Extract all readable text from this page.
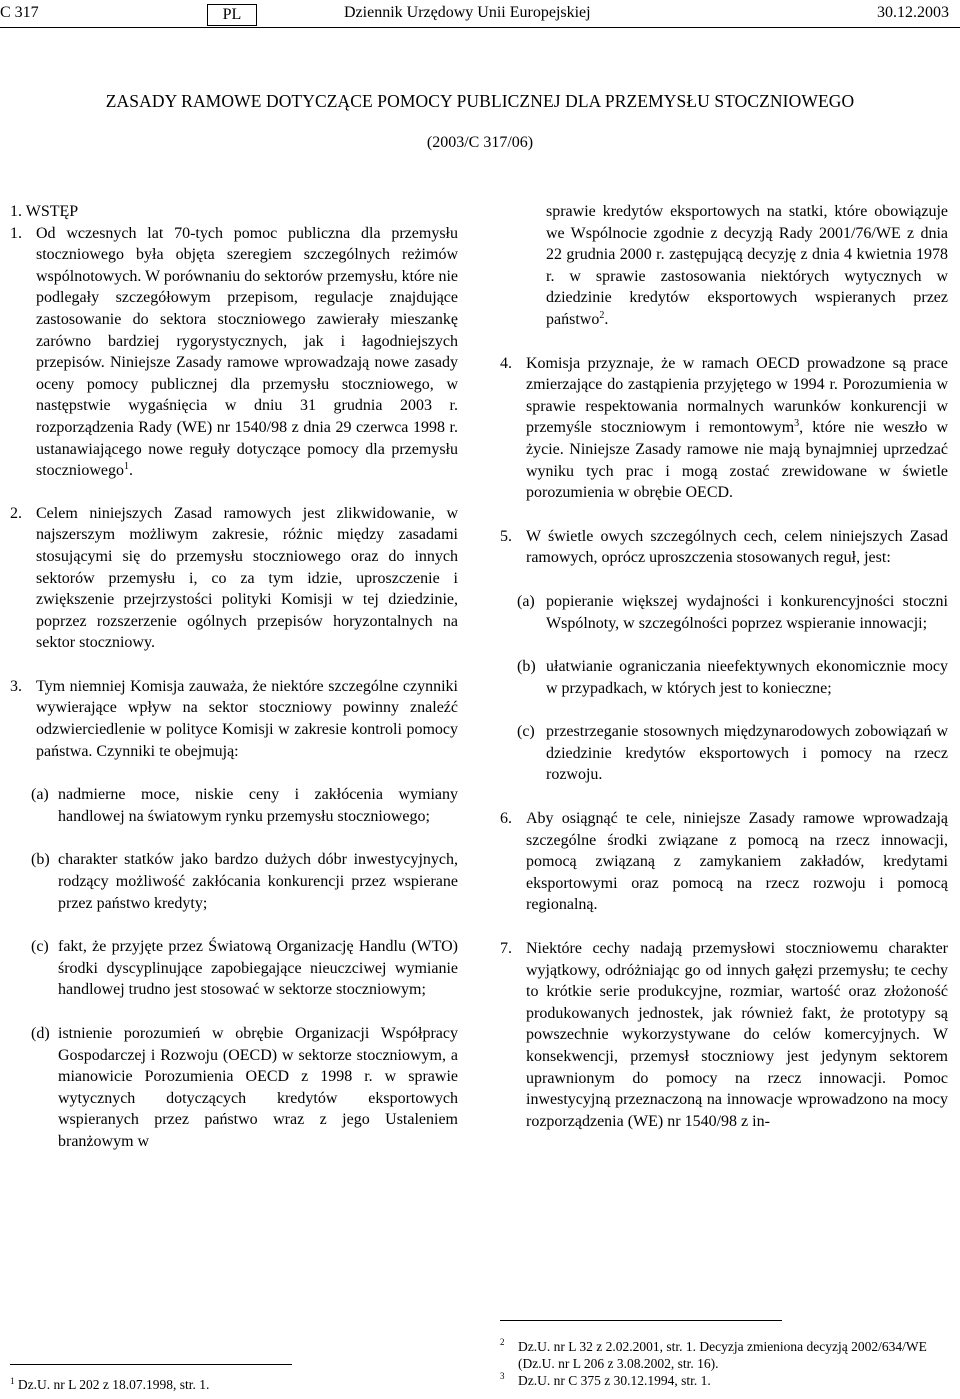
C 317	PL	Dziennik Urzędowy Unii Europejskiej	30.12.2003
ZASADY RAMOWE DOTYCZĄCE POMOCY PUBLICZNEJ DLA PRZEMYSŁU STOCZNIOWEGO
(2003/C 317/06)

1. WSTĘP

1. Od wczesnych lat 70-tych pomoc publiczna dla przemysłu stoczniowego była objęta szeregiem szczególnych reżimów wspólnotowych. W porównaniu do sektorów przemysłu, które nie podlegały szczegółowym przepisom, regulacje znajdujące zastosowanie do sektora stoczniowego zawierały mieszankę zarówno bardziej rygorystycznych, jak i łagodniejszych przepisów. Niniejsze Zasady ramowe wprowadzają nowe zasady oceny pomocy publicznej dla przemysłu stoczniowego, w następstwie wygaśnięcia w dniu 31 grudnia 2003 r. rozporządzenia Rady (WE) nr 1540/98 z dnia 29 czerwca 1998 r. ustanawiającego nowe reguły dotyczące pomocy dla przemysłu stoczniowego$^1$.

2. Celem niniejszych Zasad ramowych jest zlikwidowanie, w najszerszym możliwym zakresie, różnic między zasadami stosującymi się do przemysłu stoczniowego oraz do innych sektorów przemysłu i, co za tym idzie, uproszczenie i zwiększenie przejrzystości polityki Komisji w tej dziedzinie, poprzez rozszerzenie ogólnych przepisów horyzontalnych na sektor stoczniowy.

3. Tym niemniej Komisja zauważa, że niektóre szczególne czynniki wywierające wpływ na sektor stoczniowy powinny znaleźć odzwierciedlenie w polityce Komisji w zakresie kontroli pomocy państwa. Czynniki te obejmują:

(a) nadmierne moce, niskie ceny i zakłócenia wymiany handlowej na światowym rynku przemysłu stoczniowego;

(b) charakter statków jako bardzo dużych dóbr inwestycyjnych, rodzący możliwość zakłócania konkurencji przez wspierane przez państwo kredyty;

(c) fakt, że przyjęte przez Światową Organizację Handlu (WTO) środki dyscyplinujące zapobiegające nieuczciwej wymianie handlowej trudno jest stosować w sektorze stoczniowym;

(d) istnienie porozumień w obrębie Organizacji Współpracy Gospodarczej i Rozwoju (OECD) w sektorze stoczniowym, a mianowicie Porozumienia OECD z 1998 r. w sprawie wytycznych dotyczących kredytów eksportowych wspieranych przez państwo wraz z jego Ustaleniem branżowym w

sprawie kredytów eksportowych na statki, które obowiązuje we Wspólnocie zgodnie z decyzją Rady 2001/76/WE z dnia 22 grudnia 2000 r. zastępującą decyzję z dnia 4 kwietnia 1978 r. w sprawie zastosowania niektórych wytycznych w dziedzinie kredytów eksportowych wspieranych przez państwo$^2$.

4. Komisja przyznaje, że w ramach OECD prowadzone są prace zmierzające do zastąpienia przyjętego w 1994 r. Porozumienia w sprawie respektowania normalnych warunków konkurencji w przemyśle stoczniowym i remontowym$^3$, które nie weszło w życie. Niniejsze Zasady ramowe nie mają bynajmniej uprzedzać wyniku tych prac i mogą zostać zrewidowane w świetle porozumienia w obrębie OECD.

5. W świetle owych szczególnych cech, celem niniejszych Zasad ramowych, oprócz uproszczenia stosowanych reguł, jest:

(a) popieranie większej wydajności i konkurencyjności stoczni Wspólnoty, w szczególności poprzez wspieranie innowacji;

(b) ułatwianie ograniczania nieefektywnych ekonomicznie mocy w przypadkach, w których jest to konieczne;

(c) przestrzeganie stosownych międzynarodowych zobowiązań w dziedzinie kredytów eksportowych i pomocy na rzecz rozwoju.

6. Aby osiągnąć te cele, niniejsze Zasady ramowe wprowadzają szczególne środki związane z pomocą na rzecz innowacji, pomocą związaną z zamykaniem zakładów, kredytami eksportowymi oraz pomocą na rzecz rozwoju i pomocą regionalną.

7. Niektóre cechy nadają przemysłowi stoczniowemu charakter wyjątkowy, odróżniając go od innych gałęzi przemysłu; te cechy to krótkie serie produkcyjne, rozmiar, wartość oraz złożoność produkowanych jednostek, jak również fakt, że prototypy są powszechnie wykorzystywane do celów komercyjnych. W konsekwencji, przemysł stoczniowy jest jedynym sektorem uprawnionym do pomocy na rzecz innowacji. Pomoc inwestycyjną przeznaczoną na innowacje wprowadzono na mocy rozporządzenia (WE) nr 1540/98 z in-

$^1$ Dz.U. nr L 202 z 18.07.1998, str. 1.

2 Dz.U. nr L 32 z 2.02.2001, str. 1. Decyzja zmieniona decyzją 2002/634/WE (Dz.U. nr L 206 z 3.08.2002, str. 16).

3 Dz.U. nr C 375 z 30.12.1994, str. 1.
